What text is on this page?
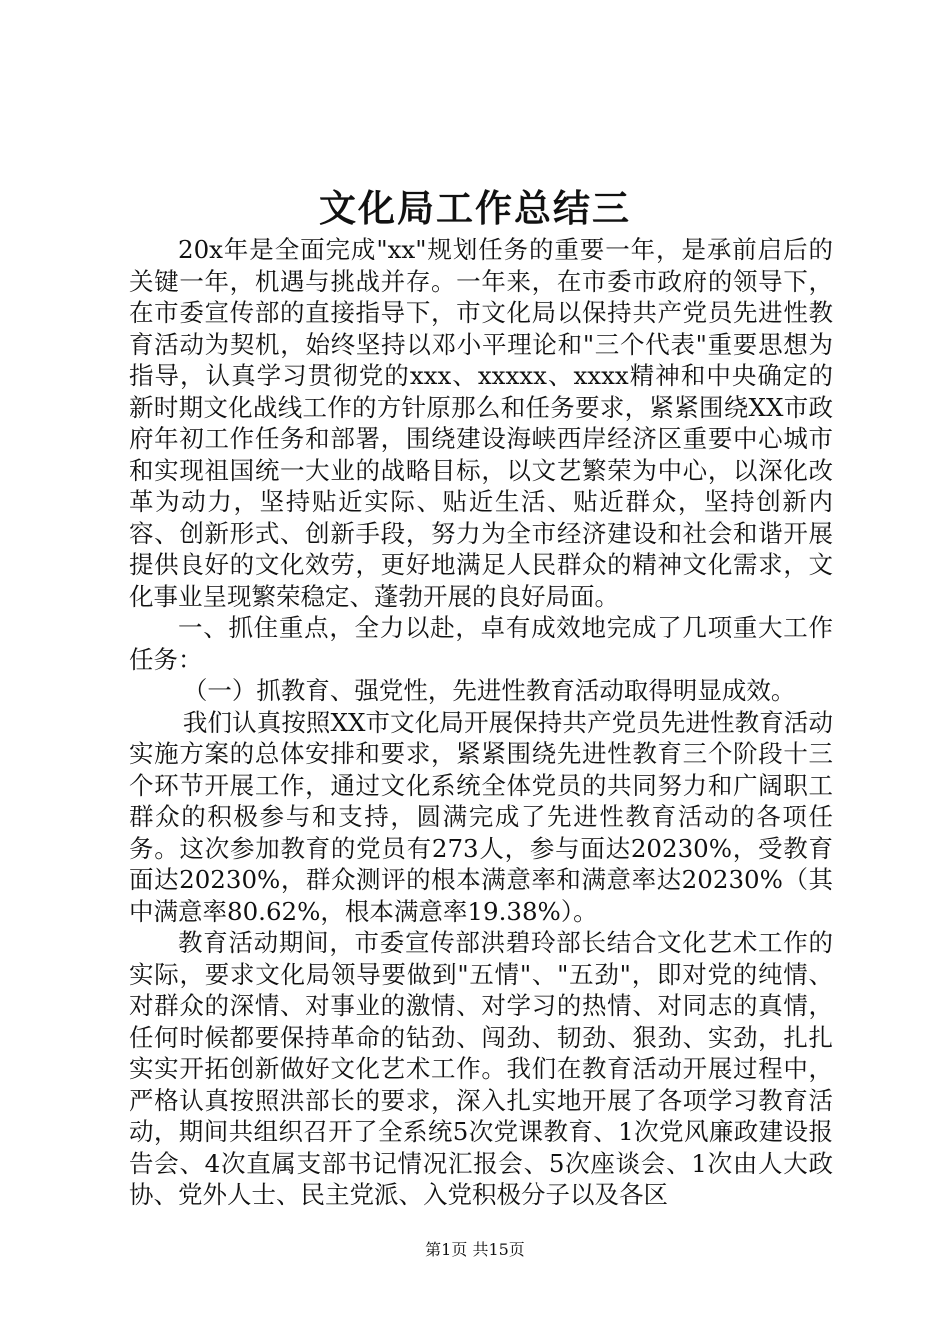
文化局工作总结三

20x年是全面完成"xx"规划任务的重要一年，是承前启后的关键一年，机遇与挑战并存。一年来，在市委市政府的领导下，在市委宣传部的直接指导下，市文化局以保持共产党员先进性教育活动为契机，始终坚持以邓小平理论和"三个代表"重要思想为指导，认真学习贯彻党的xxx、xxxxx、xxxx精神和中央确定的新时期文化战线工作的方针原那么和任务要求，紧紧围绕XX市政府年初工作任务和部署，围绕建设海峡西岸经济区重要中心城市和实现祖国统一大业的战略目标，以文艺繁荣为中心，以深化改革为动力，坚持贴近实际、贴近生活、贴近群众，坚持创新内容、创新形式、创新手段，努力为全市经济建设和社会和谐开展提供良好的文化效劳，更好地满足人民群众的精神文化需求，文化事业呈现繁荣稳定、蓬勃开展的良好局面。

一、抓住重点，全力以赴，卓有成效地完成了几项重大工作任务：

（一）抓教育、强党性，先进性教育活动取得明显成效。

我们认真按照XX市文化局开展保持共产党员先进性教育活动实施方案的总体安排和要求，紧紧围绕先进性教育三个阶段十三个环节开展工作，通过文化系统全体党员的共同努力和广阔职工群众的积极参与和支持，圆满完成了先进性教育活动的各项任务。这次参加教育的党员有273人，参与面达20230%，受教育面达20230%，群众测评的根本满意率和满意率达20230%（其中满意率80.62%，根本满意率19.38%）。

教育活动期间，市委宣传部洪碧玲部长结合文化艺术工作的实际，要求文化局领导要做到"五情"、"五劲"，即对党的纯情、对群众的深情、对事业的激情、对学习的热情、对同志的真情，任何时候都要保持革命的钻劲、闯劲、韧劲、狠劲、实劲，扎扎实实开拓创新做好文化艺术工作。我们在教育活动开展过程中，严格认真按照洪部长的要求，深入扎实地开展了各项学习教育活动，期间共组织召开了全系统5次党课教育、1次党风廉政建设报告会、4次直属支部书记情况汇报会、5次座谈会、1次由人大政协、党外人士、民主党派、入党积极分子以及各区

第1页 共15页
